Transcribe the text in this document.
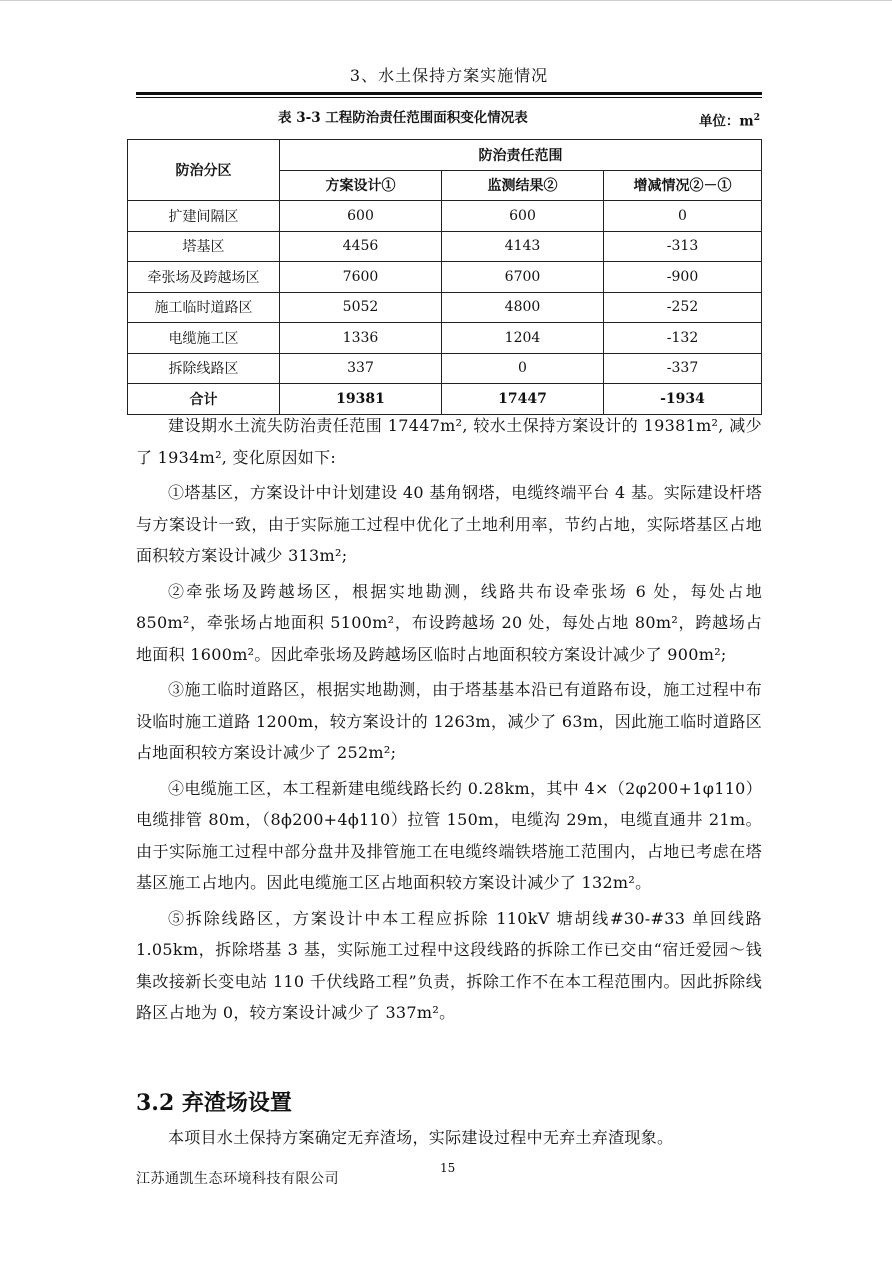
3、水土保持方案实施情况
表 3-3 工程防治责任范围面积变化情况表	单位：$m^2$
防治分区	防治责任范围		
	方案设计①	监测结果②	增减情况②－①
扩建间隔区	600	600	0
塔基区	4456	4143	-313
牵张场及跨越场区	7600	6700	-900
施工临时道路区	5052	4800	-252
电缆施工区	1336	1204	-132
拆除线路区	337	0	-337
合计	19381	17447	-1934

建设期水土流失防治责任范围 17447m², 较水土保持方案设计的 19381m², 减少了 1934m², 变化原因如下:

①塔基区，方案设计中计划建设 40 基角钢塔，电缆终端平台 4 基。实际建设杆塔与方案设计一致，由于实际施工过程中优化了土地利用率，节约占地，实际塔基区占地面积较方案设计减少 313m²;

②牵张场及跨越场区，根据实地勘测，线路共布设牵张场 6 处，每处占地 850m²，牵张场占地面积 5100m²，布设跨越场 20 处，每处占地 80m²，跨越场占地面积 1600m²。因此牵张场及跨越场区临时占地面积较方案设计减少了 900m²;

③施工临时道路区，根据实地勘测，由于塔基基本沿已有道路布设，施工过程中布设临时施工道路 1200m，较方案设计的 1263m，减少了 63m，因此施工临时道路区占地面积较方案设计减少了 252m²;

④电缆施工区，本工程新建电缆线路长约 0.28km，其中 4×（2φ200+1φ110）电缆排管 80m，（8ϕ200+4ϕ110）拉管 150m，电缆沟 29m，电缆直通井 21m。由于实际施工过程中部分盘井及排管施工在电缆终端铁塔施工范围内，占地已考虑在塔基区施工占地内。因此电缆施工区占地面积较方案设计减少了 132m²。

⑤拆除线路区，方案设计中本工程应拆除 110kV 塘胡线#30-#33 单回线路 1.05km，拆除塔基 3 基，实际施工过程中这段线路的拆除工作已交由“宿迁爱园～钱集改接新长变电站 110 千伏线路工程”负责，拆除工作不在本工程范围内。因此拆除线路区占地为 0，较方案设计减少了 337m²。

3.2 弃渣场设置
本项目水土保持方案确定无弃渣场，实际建设过程中无弃土弃渣现象。
15
江苏通凯生态环境科技有限公司
